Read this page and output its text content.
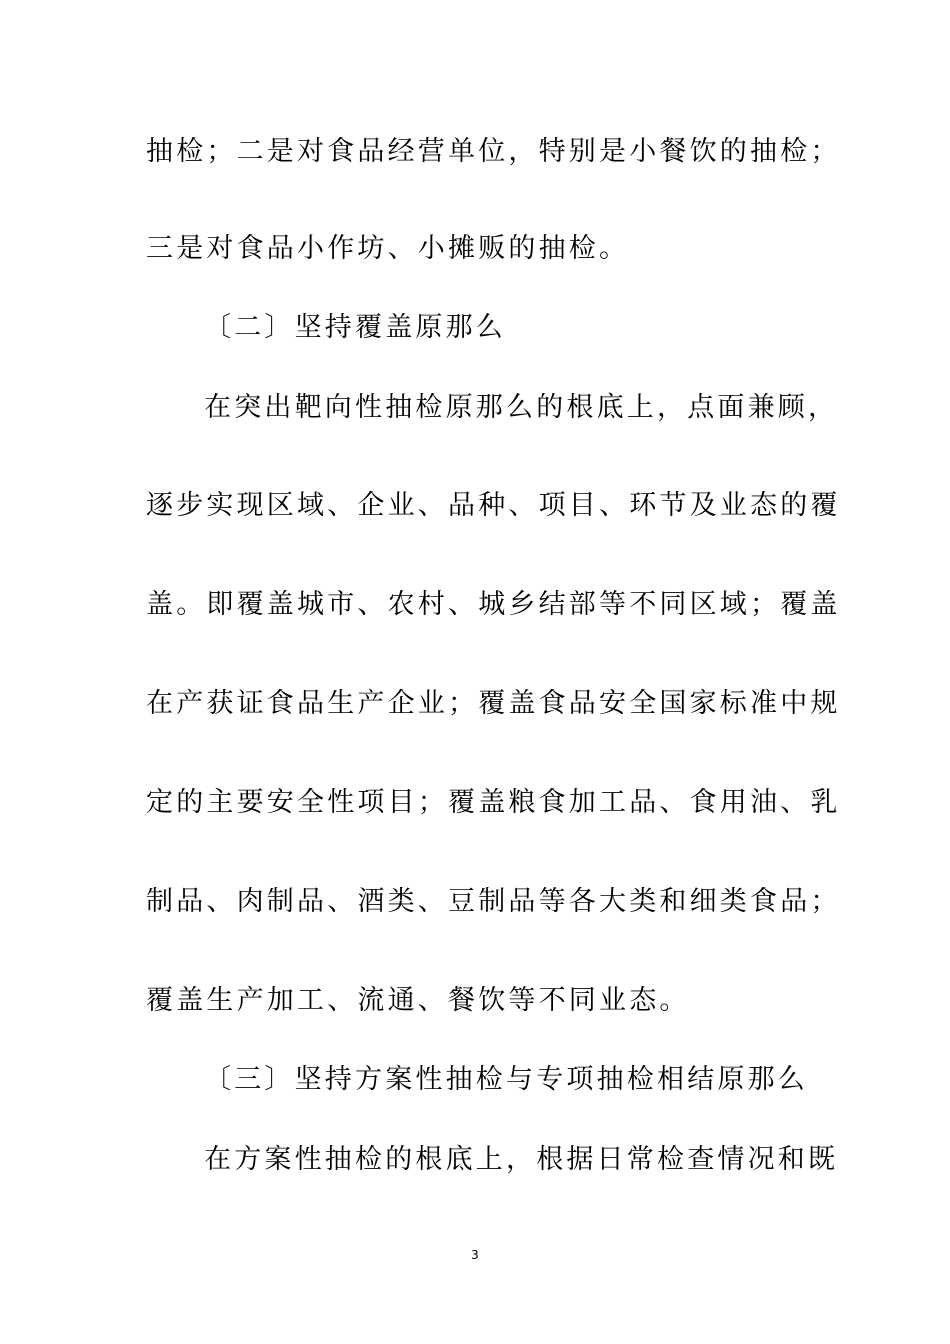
抽检；二是对食品经营单位，特别是小餐饮的抽检；
三是对食品小作坊、小摊贩的抽检。
〔二〕坚持覆盖原那么
在突出靶向性抽检原那么的根底上，点面兼顾，
逐步实现区域、企业、品种、项目、环节及业态的覆
盖。即覆盖城市、农村、城乡结部等不同区域；覆盖
在产获证食品生产企业；覆盖食品安全国家标准中规
定的主要安全性项目；覆盖粮食加工品、食用油、乳
制品、肉制品、酒类、豆制品等各大类和细类食品；
覆盖生产加工、流通、餐饮等不同业态。
〔三〕坚持方案性抽检与专项抽检相结原那么
在方案性抽检的根底上，根据日常检查情况和既
3
